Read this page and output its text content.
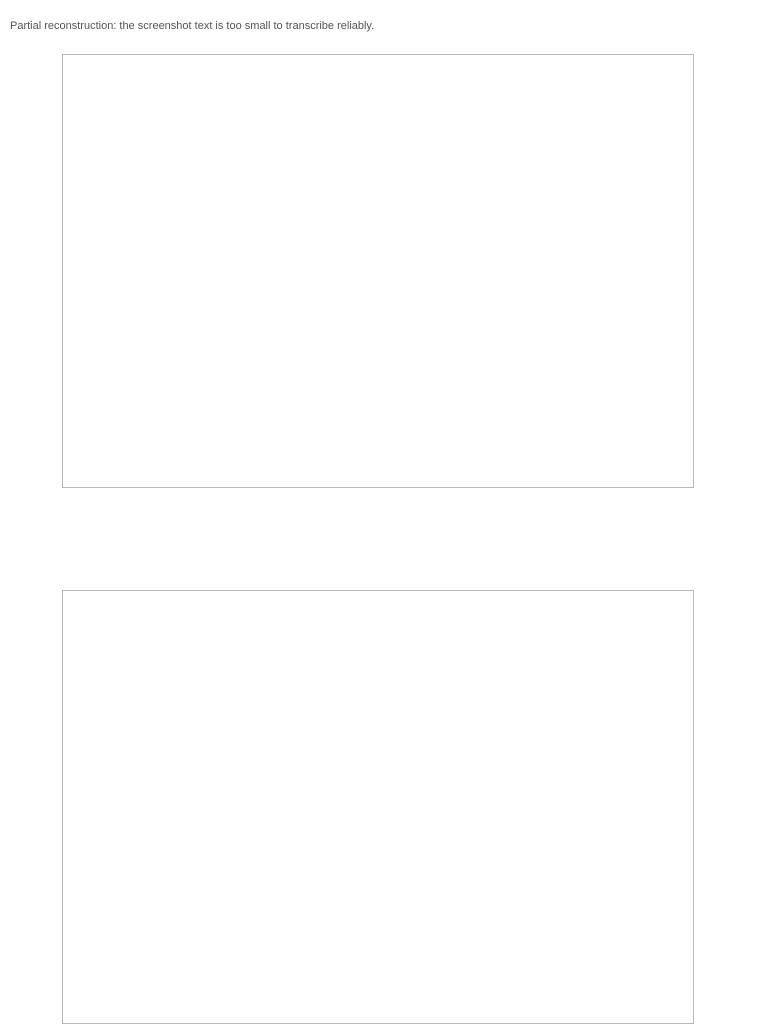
Partial reconstruction: the screenshot text is too small to transcribe reliably.
